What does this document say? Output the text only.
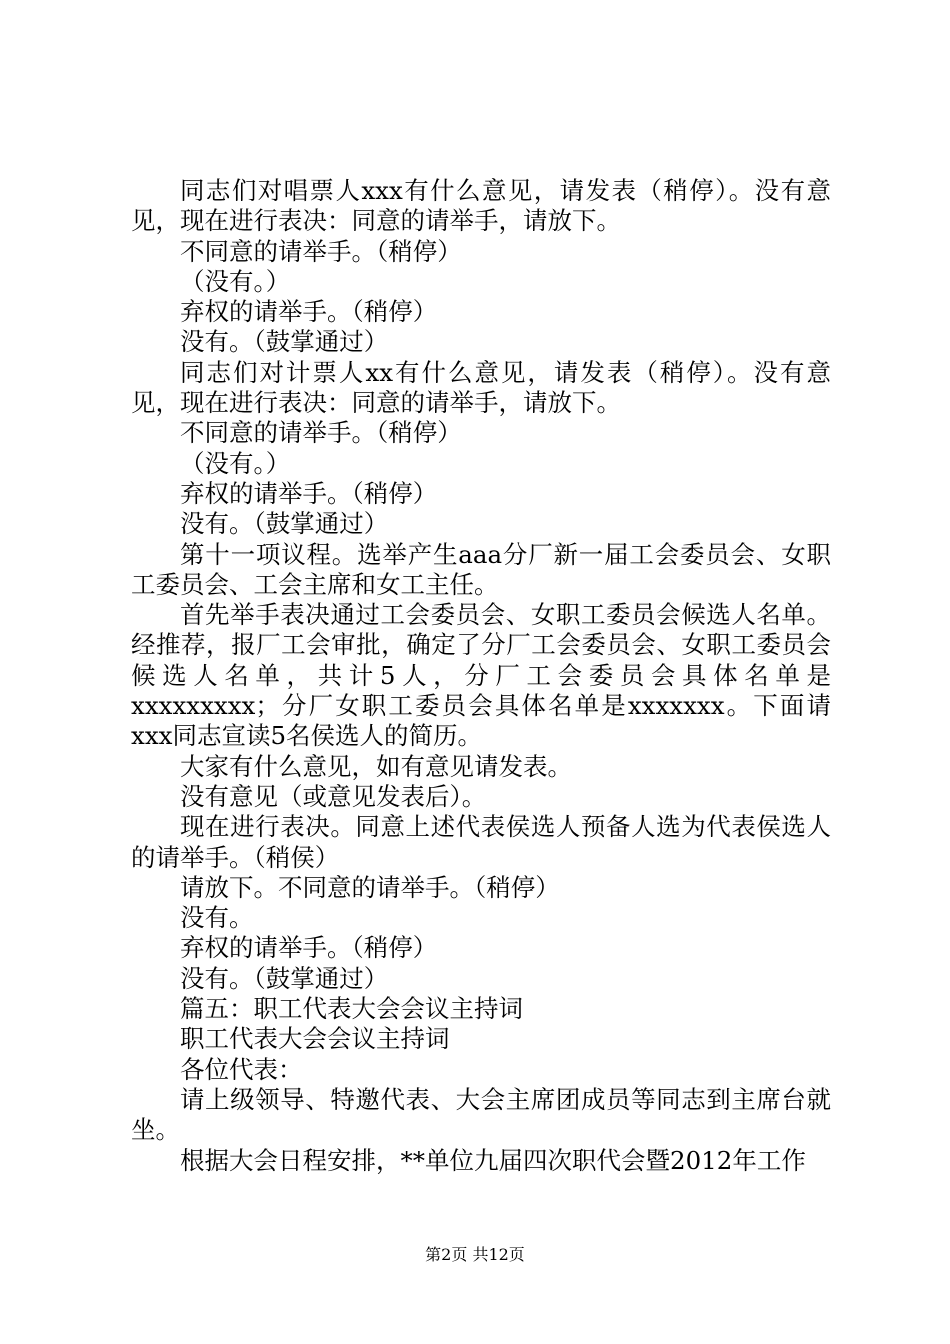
同志们对唱票人xxx有什么意见，请发表（稍停）。没有意见，现在进行表决：同意的请举手，请放下。

不同意的请举手。（稍停）

（没有。）

弃权的请举手。（稍停）

没有。（鼓掌通过）

同志们对计票人xx有什么意见，请发表（稍停）。没有意见，现在进行表决：同意的请举手，请放下。

不同意的请举手。（稍停）

（没有。）

弃权的请举手。（稍停）

没有。（鼓掌通过）

第十一项议程。选举产生aaa分厂新一届工会委员会、女职工委员会、工会主席和女工主任。

首先举手表决通过工会委员会、女职工委员会候选人名单。经推荐，报厂工会审批，确定了分厂工会委员会、女职工委员会候选人名单，共计5人，分厂工会委员会具体名单是xxxxxxxxx；分厂女职工委员会具体名单是xxxxxxx。下面请xxx同志宣读5名侯选人的简历。

大家有什么意见，如有意见请发表。

没有意见（或意见发表后）。

现在进行表决。同意上述代表侯选人预备人选为代表侯选人的请举手。（稍侯）

请放下。不同意的请举手。（稍停）

没有。

弃权的请举手。（稍停）

没有。（鼓掌通过）

篇五：职工代表大会会议主持词

职工代表大会会议主持词

各位代表：

请上级领导、特邀代表、大会主席团成员等同志到主席台就坐。

根据大会日程安排，**单位九届四次职代会暨2012年工作

第2页 共12页
